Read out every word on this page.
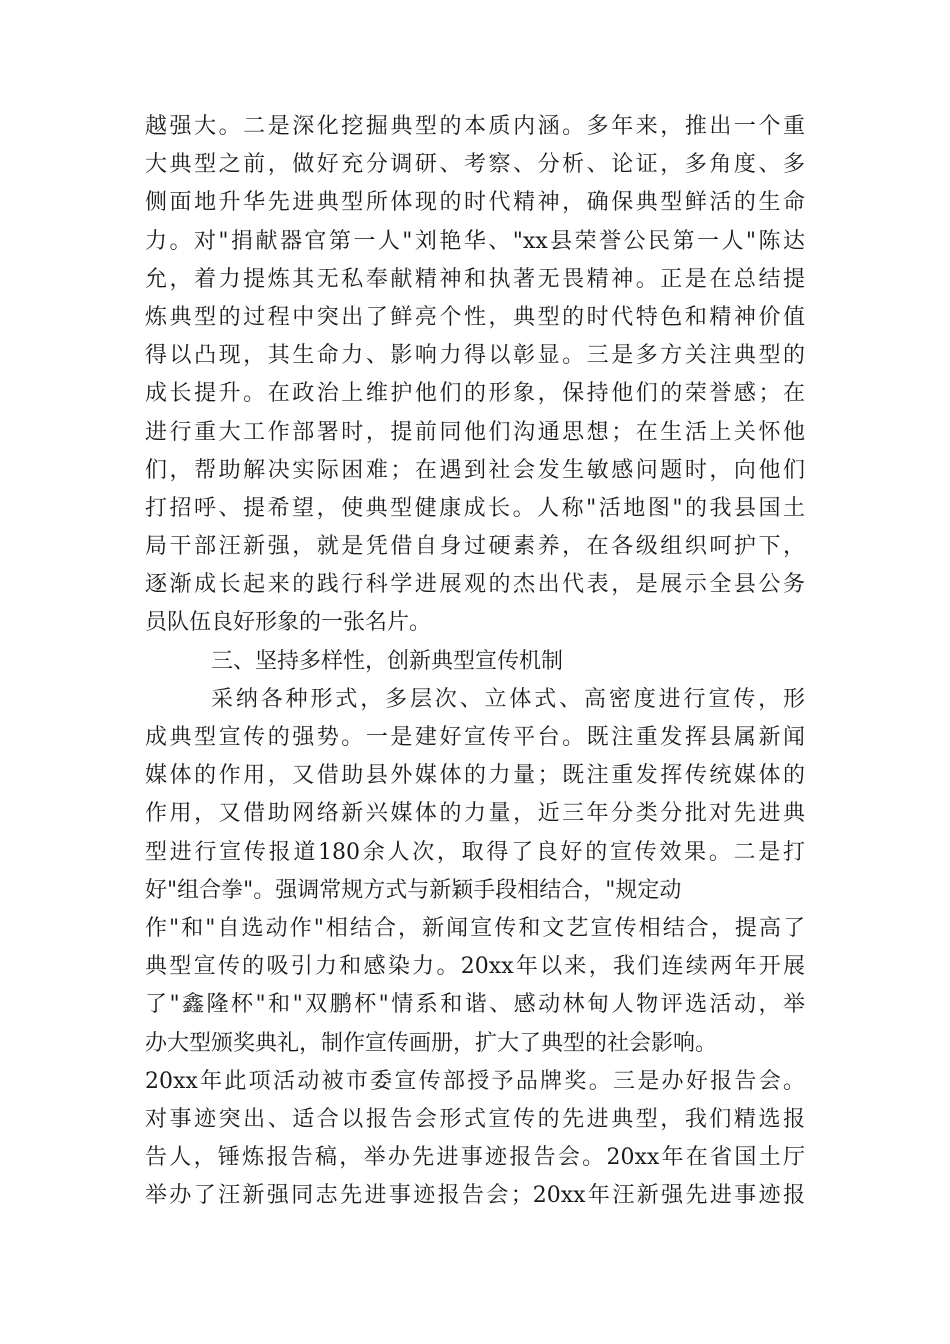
越强大。二是深化挖掘典型的本质内涵。多年来，推出一个重
大典型之前，做好充分调研、考察、分析、论证，多角度、多
侧面地升华先进典型所体现的时代精神，确保典型鲜活的生命
力。对"捐献器官第一人"刘艳华、"xx县荣誉公民第一人"陈达
允，着力提炼其无私奉献精神和执著无畏精神。正是在总结提
炼典型的过程中突出了鲜亮个性，典型的时代特色和精神价值
得以凸现，其生命力、影响力得以彰显。三是多方关注典型的
成长提升。在政治上维护他们的形象，保持他们的荣誉感；在
进行重大工作部署时，提前同他们沟通思想；在生活上关怀他
们，帮助解决实际困难；在遇到社会发生敏感问题时，向他们
打招呼、提希望，使典型健康成长。人称"活地图"的我县国土
局干部汪新强，就是凭借自身过硬素养，在各级组织呵护下，
逐渐成长起来的践行科学进展观的杰出代表，是展示全县公务
员队伍良好形象的一张名片。
三、坚持多样性，创新典型宣传机制
采纳各种形式，多层次、立体式、高密度进行宣传，形
成典型宣传的强势。一是建好宣传平台。既注重发挥县属新闻
媒体的作用，又借助县外媒体的力量；既注重发挥传统媒体的
作用，又借助网络新兴媒体的力量，近三年分类分批对先进典
型进行宣传报道180余人次，取得了良好的宣传效果。二是打
好"组合拳"。强调常规方式与新颖手段相结合，"规定动
作"和"自选动作"相结合，新闻宣传和文艺宣传相结合，提高了
典型宣传的吸引力和感染力。20xx年以来，我们连续两年开展
了"鑫隆杯"和"双鹏杯"情系和谐、感动林甸人物评选活动，举
办大型颁奖典礼，制作宣传画册，扩大了典型的社会影响。
20xx年此项活动被市委宣传部授予品牌奖。三是办好报告会。
对事迹突出、适合以报告会形式宣传的先进典型，我们精选报
告人，锤炼报告稿，举办先进事迹报告会。20xx年在省国土厅
举办了汪新强同志先进事迹报告会；20xx年汪新强先进事迹报
